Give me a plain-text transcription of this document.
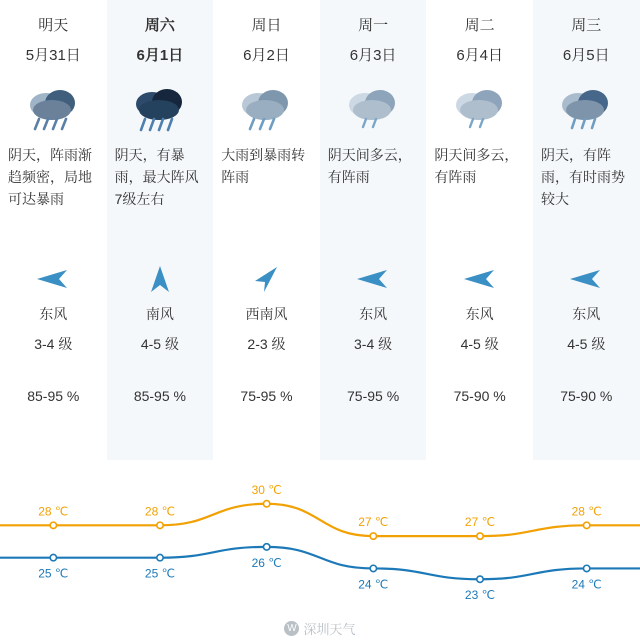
明天
5月31日
阴天，阵雨渐趋频密，局地可达暴雨
东风
3-4 级
85-95 %
周六
6月1日
阴天，有暴雨，最大阵风7级左右
南风
4-5 级
85-95 %
周日
6月2日
大雨到暴雨转阵雨
西南风
2-3 级
75-95 %
周一
6月3日
阴天间多云，有阵雨
东风
3-4 级
75-95 %
周二
6月4日
阴天间多云，有阵雨
东风
4-5 级
75-90 %
周三
6月5日
阴天，有阵雨，有时雨势较大
东风
4-5 级
75-90 %
28 ℃	28 ℃
30 ℃
27 ℃	27 ℃
28 ℃
25 ℃	25 ℃
26 ℃
24 ℃
23 ℃
24 ℃
W 深圳天气
